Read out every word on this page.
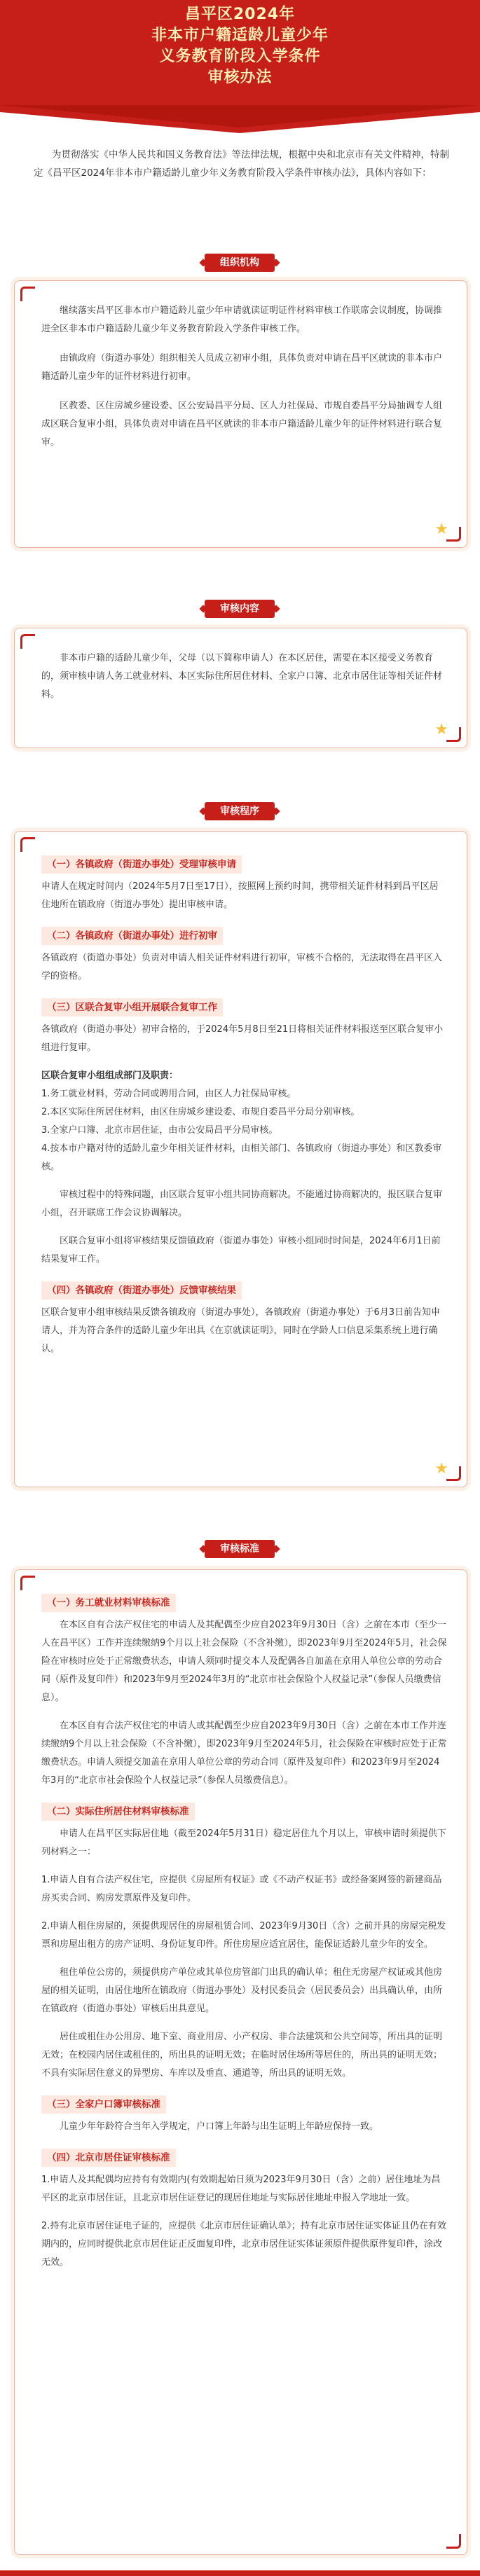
昌平区2024年
非本市户籍适龄儿童少年
义务教育阶段入学条件
审核办法
为贯彻落实《中华人民共和国义务教育法》等法律法规，根据中央和北京市有关文件精神，特制定《昌平区2024年非本市户籍适龄儿童少年义务教育阶段入学条件审核办法》，具体内容如下：
组织机构
★

继续落实昌平区非本市户籍适龄儿童少年申请就读证明证件材料审核工作联席会议制度，协调推进全区非本市户籍适龄儿童少年义务教育阶段入学条件审核工作。

由镇政府（街道办事处）组织相关人员成立初审小组，具体负责对申请在昌平区就读的非本市户籍适龄儿童少年的证件材料进行初审。

区教委、区住房城乡建设委、区公安局昌平分局、区人力社保局、市规自委昌平分局抽调专人组成区联合复审小组，具体负责对申请在昌平区就读的非本市户籍适龄儿童少年的证件材料进行联合复审。

审核内容
★

非本市户籍的适龄儿童少年，父母（以下简称申请人）在本区居住，需要在本区接受义务教育的，须审核申请人务工就业材料、本区实际住所居住材料、全家户口簿、北京市居住证等相关证件材料。

审核程序
★
（一）各镇政府（街道办事处）受理审核申请
申请人在规定时间内（2024年5月7日至17日），按照网上预约时间，携带相关证件材料到昌平区居住地所在镇政府（街道办事处）提出审核申请。
（二）各镇政府（街道办事处）进行初审
各镇政府（街道办事处）负责对申请人相关证件材料进行初审，审核不合格的，无法取得在昌平区入学的资格。
（三）区联合复审小组开展联合复审工作
各镇政府（街道办事处）初审合格的，于2024年5月8日至21日将相关证件材料报送至区联合复审小组进行复审。
区联合复审小组组成部门及职责：
1.务工就业材料，劳动合同或聘用合同，由区人力社保局审核。
2.本区实际住所居住材料，由区住房城乡建设委、市规自委昌平分局分别审核。
3.全家户口簿、北京市居住证，由市公安局昌平分局审核。
4.按本市户籍对待的适龄儿童少年相关证件材料，由相关部门、各镇政府（街道办事处）和区教委审核。
审核过程中的特殊问题，由区联合复审小组共同协商解决。不能通过协商解决的，报区联合复审小组，召开联席工作会议协调解决。
区联合复审小组将审核结果反馈镇政府（街道办事处）审核小组同时时间是，2024年6月1日前结果复审工作。
（四）各镇政府（街道办事处）反馈审核结果
区联合复审小组审核结果反馈各镇政府（街道办事处），各镇政府（街道办事处）于6月3日前告知申请人，并为符合条件的适龄儿童少年出具《在京就读证明》，同时在学龄人口信息采集系统上进行确认。
审核标准
（一）务工就业材料审核标准
在本区自有合法产权住宅的申请人及其配偶至少应自2023年9月30日（含）之前在本市（至少一人在昌平区）工作并连续缴纳9个月以上社会保险（不含补缴），即2023年9月至2024年5月，社会保险在审核时应处于正常缴费状态，申请人须同时提交本人及配偶各自加盖在京用人单位公章的劳动合同（原件及复印件）和2023年9月至2024年3月的“北京市社会保险个人权益记录”（参保人员缴费信息）。
在本区自有合法产权住宅的申请人或其配偶至少应自2023年9月30日（含）之前在本市工作并连续缴纳9个月以上社会保险（不含补缴），即2023年9月至2024年5月，社会保险在审核时应处于正常缴费状态。申请人须提交加盖在京用人单位公章的劳动合同（原件及复印件）和2023年9月至2024年3月的“北京市社会保险个人权益记录”（参保人员缴费信息）。
（二）实际住所居住材料审核标准
申请人在昌平区实际居住地（截至2024年5月31日）稳定居住九个月以上，审核申请时须提供下列材料之一：
1.申请人自有合法产权住宅，应提供《房屋所有权证》或《不动产权证书》或经备案网签的新建商品房买卖合同、购房发票原件及复印件。
2.申请人租住房屋的，须提供现居住的房屋租赁合同、2023年9月30日（含）之前开具的房屋完税发票和房屋出租方的房产证明、身份证复印件。所住房屋应适宜居住，能保证适龄儿童少年的安全。
租住单位公房的，须提供房产单位或其单位房管部门出具的确认单；租住无房屋产权证或其他房屋的相关证明，由居住地所在镇政府（街道办事处）及村民委员会（居民委员会）出具确认单，由所在镇政府（街道办事处）审核后出具意见。
居住或租住办公用房、地下室、商业用房、小产权房、非合法建筑和公共空间等，所出具的证明无效；在校园内居住或租住的，所出具的证明无效；在临时居住场所等居住的，所出具的证明无效；不具有实际居住意义的异型房、车库以及垂直、通道等，所出具的证明无效。
（三）全家户口簿审核标准
儿童少年年龄符合当年入学规定，户口簿上年龄与出生证明上年龄应保持一致。
（四）北京市居住证审核标准
1.申请人及其配偶均应持有有效期内(有效期起始日须为2023年9月30日（含）之前）居住地址为昌平区的北京市居住证，且北京市居住证登记的现居住地址与实际居住地址申报入学地址一致。
2.持有北京市居住证电子证的，应提供《北京市居住证确认单》；持有北京市居住证实体证且仍在有效期内的，应同时提供北京市居住证正反面复印件，北京市居住证实体证须原件提供原件复印件，涂改无效。
